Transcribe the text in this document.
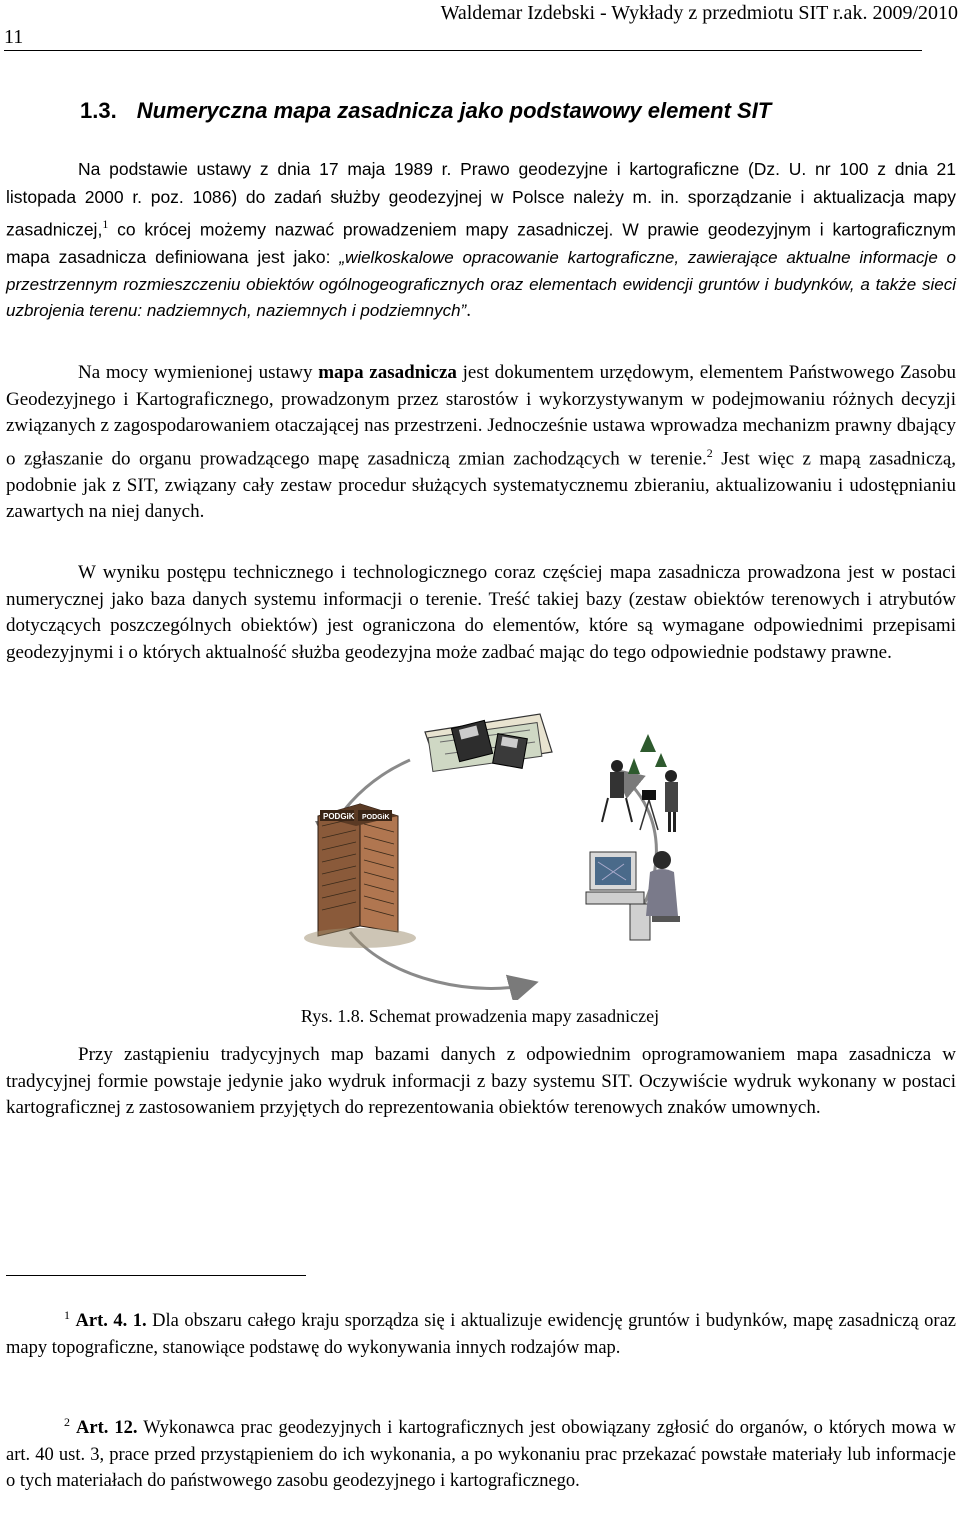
11
Waldemar Izdebski - Wykłady z przedmiotu SIT r.ak. 2009/2010
1.3. Numeryczna mapa zasadnicza jako podstawowy element SIT

Na podstawie ustawy z dnia 17 maja 1989 r. Prawo geodezyjne i kartograficzne (Dz. U. nr 100 z dnia 21 listopada 2000 r. poz. 1086) do zadań służby geodezyjnej w Polsce należy m. in. sporządzanie i aktualizacja mapy zasadniczej,$^1$ co krócej możemy nazwać prowadzeniem mapy zasadniczej. W prawie geodezyjnym i kartograficznym mapa zasadnicza definiowana jest jako: „wielkoskalowe opracowanie kartograficzne, zawierające aktualne informacje o przestrzennym rozmieszczeniu obiektów ogólnogeograficznych oraz elementach ewidencji gruntów i budynków, a także sieci uzbrojenia terenu: nadziemnych, naziemnych i podziemnych”.

Na mocy wymienionej ustawy mapa zasadnicza jest dokumentem urzędowym, elementem Państwowego Zasobu Geodezyjnego i Kartograficznego, prowadzonym przez starostów i wykorzystywanym w podejmowaniu różnych decyzji związanych z zagospodarowaniem otaczającej nas przestrzeni. Jednocześnie ustawa wprowadza mechanizm prawny dbający o zgłaszanie do organu prowadzącego mapę zasadniczą zmian zachodzących w terenie.$^2$ Jest więc z mapą zasadniczą, podobnie jak z SIT, związany cały zestaw procedur służących systematycznemu zbieraniu, aktualizowaniu i udostępnianiu zawartych na niej danych.

W wyniku postępu technicznego i technologicznego coraz częściej mapa zasadnicza prowadzona jest w postaci numerycznej jako baza danych systemu informacji o terenie. Treść takiej bazy (zestaw obiektów terenowych i atrybutów dotyczących poszczególnych obiektów) jest ograniczona do elementów, które są wymagane odpowiednimi przepisami geodezyjnymi i o których aktualność służba geodezyjna może zadbać mając do tego odpowiednie podstawy prawne.

PODGiK PODGiK
Rys. 1.8. Schemat prowadzenia mapy zasadniczej

Przy zastąpieniu tradycyjnych map bazami danych z odpowiednim oprogramowaniem mapa zasadnicza w tradycyjnej formie powstaje jedynie jako wydruk informacji z bazy systemu SIT. Oczywiście wydruk wykonany w postaci kartograficznej z zastosowaniem przyjętych do reprezentowania obiektów terenowych znaków umownych.

$^1$ Art. 4. 1. Dla obszaru całego kraju sporządza się i aktualizuje ewidencję gruntów i budynków, mapę zasadniczą oraz mapy topograficzne, stanowiące podstawę do wykonywania innych rodzajów map.

$^2$ Art. 12. Wykonawca prac geodezyjnych i kartograficznych jest obowiązany zgłosić do organów, o których mowa w art. 40 ust. 3, prace przed przystąpieniem do ich wykonania, a po wykonaniu prac przekazać powstałe materiały lub informacje o tych materiałach do państwowego zasobu geodezyjnego i kartograficznego.
